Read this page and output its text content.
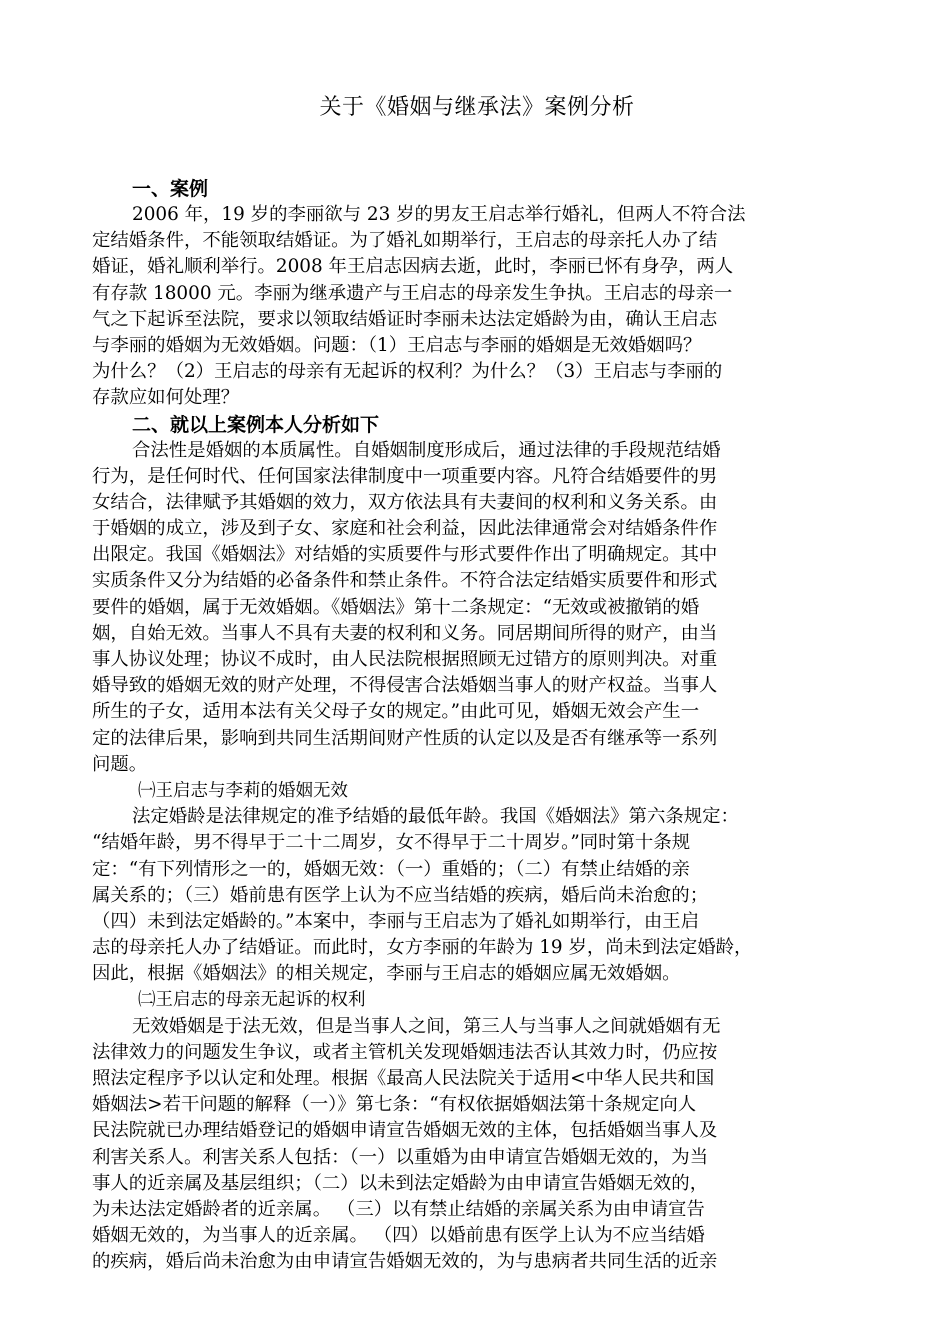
关于《婚姻与继承法》案例分析
一、案例
2006 年，19 岁的李丽欲与 23 岁的男友王启志举行婚礼，但两人不符合法
定结婚条件，不能领取结婚证。为了婚礼如期举行，王启志的母亲托人办了结
婚证，婚礼顺利举行。2008 年王启志因病去逝，此时，李丽已怀有身孕，两人
有存款 18000 元。李丽为继承遗产与王启志的母亲发生争执。王启志的母亲一
气之下起诉至法院，要求以领取结婚证时李丽未达法定婚龄为由，确认王启志
与李丽的婚姻为无效婚姻。问题：（1）王启志与李丽的婚姻是无效婚姻吗？
为什么？（2）王启志的母亲有无起诉的权利？为什么？（3）王启志与李丽的
存款应如何处理？
二、就以上案例本人分析如下
合法性是婚姻的本质属性。自婚姻制度形成后，通过法律的手段规范结婚
行为，是任何时代、任何国家法律制度中一项重要内容。凡符合结婚要件的男
女结合，法律赋予其婚姻的效力，双方依法具有夫妻间的权利和义务关系。由
于婚姻的成立，涉及到子女、家庭和社会利益，因此法律通常会对结婚条件作
出限定。我国《婚姻法》对结婚的实质要件与形式要件作出了明确规定。其中
实质条件又分为结婚的必备条件和禁止条件。不符合法定结婚实质要件和形式
要件的婚姻，属于无效婚姻。《婚姻法》第十二条规定：“无效或被撤销的婚
姻，自始无效。当事人不具有夫妻的权利和义务。同居期间所得的财产，由当
事人协议处理；协议不成时，由人民法院根据照顾无过错方的原则判决。对重
婚导致的婚姻无效的财产处理，不得侵害合法婚姻当事人的财产权益。当事人
所生的子女，适用本法有关父母子女的规定。”由此可见，婚姻无效会产生一
定的法律后果，影响到共同生活期间财产性质的认定以及是否有继承等一系列
问题。
㈠王启志与李莉的婚姻无效
法定婚龄是法律规定的准予结婚的最低年龄。我国《婚姻法》第六条规定：
“结婚年龄，男不得早于二十二周岁，女不得早于二十周岁。”同时第十条规
定：“有下列情形之一的，婚姻无效：（一）重婚的；（二）有禁止结婚的亲
属关系的；（三）婚前患有医学上认为不应当结婚的疾病，婚后尚未治愈的；
（四）未到法定婚龄的。”本案中，李丽与王启志为了婚礼如期举行，由王启
志的母亲托人办了结婚证。而此时，女方李丽的年龄为 19 岁，尚未到法定婚龄，
因此，根据《婚姻法》的相关规定，李丽与王启志的婚姻应属无效婚姻。
㈡王启志的母亲无起诉的权利
无效婚姻是于法无效，但是当事人之间，第三人与当事人之间就婚姻有无
法律效力的问题发生争议，或者主管机关发现婚姻违法否认其效力时，仍应按
照法定程序予以认定和处理。根据《最高人民法院关于适用<中华人民共和国
婚姻法>若干问题的解释（一）》第七条：“有权依据婚姻法第十条规定向人
民法院就已办理结婚登记的婚姻申请宣告婚姻无效的主体，包括婚姻当事人及
利害关系人。利害关系人包括：（一）以重婚为由申请宣告婚姻无效的，为当
事人的近亲属及基层组织；（二）以未到法定婚龄为由申请宣告婚姻无效的，
为未达法定婚龄者的近亲属。 （三）以有禁止结婚的亲属关系为由申请宣告
婚姻无效的，为当事人的近亲属。 （四）以婚前患有医学上认为不应当结婚
的疾病，婚后尚未治愈为由申请宣告婚姻无效的，为与患病者共同生活的近亲
